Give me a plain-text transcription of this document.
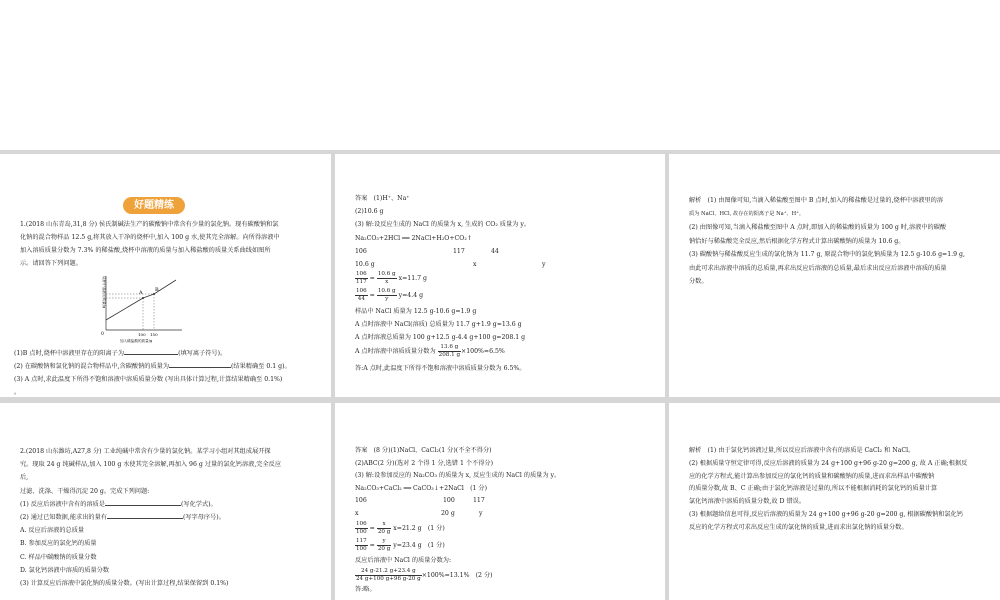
好题精练

1.(2018 山东青岛,31,8 分) 侯氏制碱法生产的碳酸钠中常含有少量的氯化钠。现有碳酸钠和氯

化钠的混合物样品 12.5 g,将其放入干净的烧杯中,加入 100 g 水,使其完全溶解。向所得溶液中

加入溶质质量分数为 7.3% 的稀盐酸,烧杯中溶液的质量与加入稀盐酸的质量关系曲线如图所

示。请回答下列问题。

A B
0	100 150
加入稀盐酸的质量/g
烧杯中溶液的质量/g

(1)B 点时,烧杯中溶液里存在的阳离子为	(填写离子符号)。

(2) 在碳酸钠和氯化钠的混合物样品中,含碳酸钠的质量为	(结果精确至 0.1 g)。

(3) A 点时,求此温度下所得不饱和溶液中溶质质量分数 (写出具体计算过程,计算结果精确至 0.1%)

。

答案　(1)H⁺、Na⁺

(2)10.6 g

(3) 解:设反应生成的 NaCl 的质量为 x, 生成的 CO₂ 质量为 y。

Na₂CO₃+2HCl ══ 2NaCl+H₂O+CO₂↑

106	117	44

10.6 g	x	y

$\frac{106}{117} = \frac{10.6 g}{x} x=11.7$ g

$\frac{106}{44} = \frac{10.6 g}{y} y=4.4$ g

样品中 NaCl 质量为 12.5 g-10.6 g=1.9 g

A 点时溶液中 NaCl(溶质) 总质量为 11.7 g+1.9 g=13.6 g

A 点时溶液总质量为 100 g+12.5 g-4.4 g+100 g=208.1 g

A 点时溶液中溶质质量分数为 $\frac{13.6 g}{208.1 g} \times 100\%\approx 6.5\%$

答:A 点时,此温度下所得不饱和溶液中溶质质量分数为 6.5%。

解析　(1) 由图像可知,当滴入稀盐酸至图中 B 点时,加入的稀盐酸是过量的,烧杯中溶液里的溶

质为 NaCl、HCl, 故存在的阳离子是 Na⁺、H⁺。

(2) 由图像可知,当滴入稀盐酸至图中 A 点时,即加入的稀盐酸的质量为 100 g 时,溶液中的碳酸

钠恰好与稀盐酸完全反应,然后根据化学方程式计算出碳酸钠的质量为 10.6 g。

(3) 碳酸钠与稀盐酸反应生成的氯化钠为 11.7 g, 原混合物中的氯化钠质量为 12.5 g-10.6 g=1.9 g,

由此可求出溶液中溶质的总质量,再求出反应后溶液的总质量,最后求出反应后溶液中溶质的质量

分数。

2.(2018 山东潍坊,A27,8 分) 工业纯碱中常含有少量的氯化钠。某学习小组对其组成展开探

究。现取 24 g 纯碱样品,加入 100 g 水使其完全溶解,再加入 96 g 过量的氯化钙溶液,完全反应

后,

过滤、洗涤、干燥得沉淀 20 g。完成下列问题:

(1) 反应后溶液中含有的溶质是	(写化学式)。

(2) 通过已知数据,能求出的量有	(写字母序号)。

A. 反应后溶液的总质量

B. 参加反应的氯化钙的质量

C. 样品中碳酸钠的质量分数

D. 氯化钙溶液中溶质的质量分数

(3) 计算反应后溶液中氯化钠的质量分数。(写出计算过程,结果保留到 0.1%)

答案　(8 分)(1)NaCl、CaCl₂(1 分)(不全不得分)

(2)ABC(2 分)(选对 2 个得 1 分,选错 1 个不得分)

(3) 解:设参加反应的 Na₂CO₃ 的质量为 x, 反应生成的 NaCl 的质量为 y。

Na₂CO₃+CaCl₂ ══ CaCO₃↓+2NaCl　(1 分)

106	100	117

x	20 g	y

$\frac{106}{100} = \frac{x}{20 g} x=21.2$ g　(1 分)

$\frac{117}{100} = \frac{y}{20 g} y=23.4$ g　(1 分)

反应后溶液中 NaCl 的质量分数为:

$\frac{24 g-21.2 g+23.4 g}{24 g+100 g+96 g-20 g} \times 100\%=13.1\%$　(2 分)

答:略。

解析　(1) 由于氯化钙溶液过量,所以反应后溶液中含有的溶质是 CaCl₂ 和 NaCl。

(2) 根据质量守恒定律可得,反应后溶液的质量为 24 g+100 g+96 g-20 g=200 g, 故 A 正确;根据反

应的化学方程式,能计算出参加反应的氯化钙的质量和碳酸钠的质量,进而求出样品中碳酸钠

的质量分数,故 B、C 正确;由于氯化钙溶液是过量的,所以不能根据消耗的氯化钙的质量计算

氯化钙溶液中溶质的质量分数,故 D 错误。

(3) 根据题给信息可得,反应后溶液的质量为 24 g+100 g+96 g-20 g=200 g, 根据碳酸钠和氯化钙

反应的化学方程式可求出反应生成的氯化钠的质量,进而求出氯化钠的质量分数。
